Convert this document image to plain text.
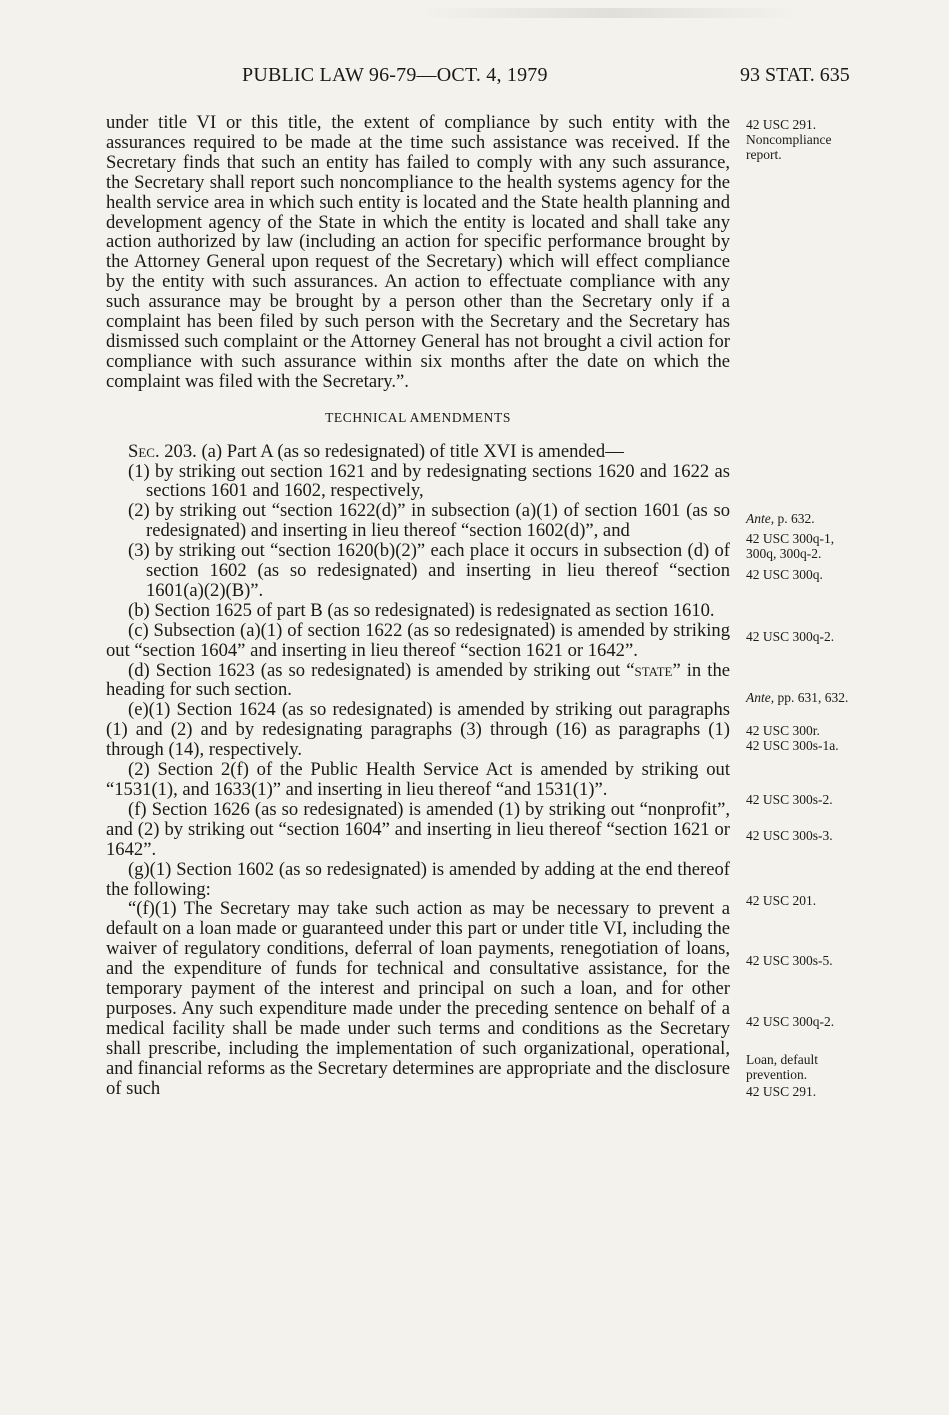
PUBLIC LAW 96-79—OCT. 4, 1979	93 STAT. 635

under title VI or this title, the extent of compliance by such entity with the assurances required to be made at the time such assistance was received. If the Secretary finds that such an entity has failed to comply with any such assurance, the Secretary shall report such noncompliance to the health systems agency for the health service area in which such entity is located and the State health planning and development agency of the State in which the entity is located and shall take any action authorized by law (including an action for specific performance brought by the Attorney General upon request of the Secretary) which will effect compliance by the entity with such assurances. An action to effectuate compliance with any such assurance may be brought by a person other than the Secretary only if a complaint has been filed by such person with the Secretary and the Secretary has dismissed such complaint or the Attorney General has not brought a civil action for compliance with such assurance within six months after the date on which the complaint was filed with the Secretary.”.

TECHNICAL AMENDMENTS

Sec. 203. (a) Part A (as so redesignated) of title XVI is amended—

(1) by striking out section 1621 and by redesignating sections 1620 and 1622 as sections 1601 and 1602, respectively,

(2) by striking out “section 1622(d)” in subsection (a)(1) of section 1601 (as so redesignated) and inserting in lieu thereof “section 1602(d)”, and

(3) by striking out “section 1620(b)(2)” each place it occurs in subsection (d) of section 1602 (as so redesignated) and inserting in lieu thereof “section 1601(a)(2)(B)”.

(b) Section 1625 of part B (as so redesignated) is redesignated as section 1610.

(c) Subsection (a)(1) of section 1622 (as so redesignated) is amended by striking out “section 1604” and inserting in lieu thereof “section 1621 or 1642”.

(d) Section 1623 (as so redesignated) is amended by striking out “state” in the heading for such section.

(e)(1) Section 1624 (as so redesignated) is amended by striking out paragraphs (1) and (2) and by redesignating paragraphs (3) through (16) as paragraphs (1) through (14), respectively.

(2) Section 2(f) of the Public Health Service Act is amended by striking out “1531(1), and 1633(1)” and inserting in lieu thereof “and 1531(1)”.

(f) Section 1626 (as so redesignated) is amended (1) by striking out “nonprofit”, and (2) by striking out “section 1604” and inserting in lieu thereof “section 1621 or 1642”.

(g)(1) Section 1602 (as so redesignated) is amended by adding at the end thereof the following:

“(f)(1) The Secretary may take such action as may be necessary to prevent a default on a loan made or guaranteed under this part or under title VI, including the waiver of regulatory conditions, deferral of loan payments, renegotiation of loans, and the expenditure of funds for technical and consultative assistance, for the temporary payment of the interest and principal on such a loan, and for other purposes. Any such expenditure made under the preceding sentence on behalf of a medical facility shall be made under such terms and conditions as the Secretary shall prescribe, including the implementation of such organizational, operational, and financial reforms as the Secretary determines are appropriate and the disclosure of such

42 USC 291.
Noncompliance report.
Ante, p. 632.
42 USC 300q-1, 300q, 300q-2.
42 USC 300q.
42 USC 300q-2.
Ante, pp. 631, 632.
42 USC 300r.
42 USC 300s-1a.
42 USC 300s-2.
42 USC 300s-3.
42 USC 201.
42 USC 300s-5.
42 USC 300q-2.
Loan, default prevention.
42 USC 291.
